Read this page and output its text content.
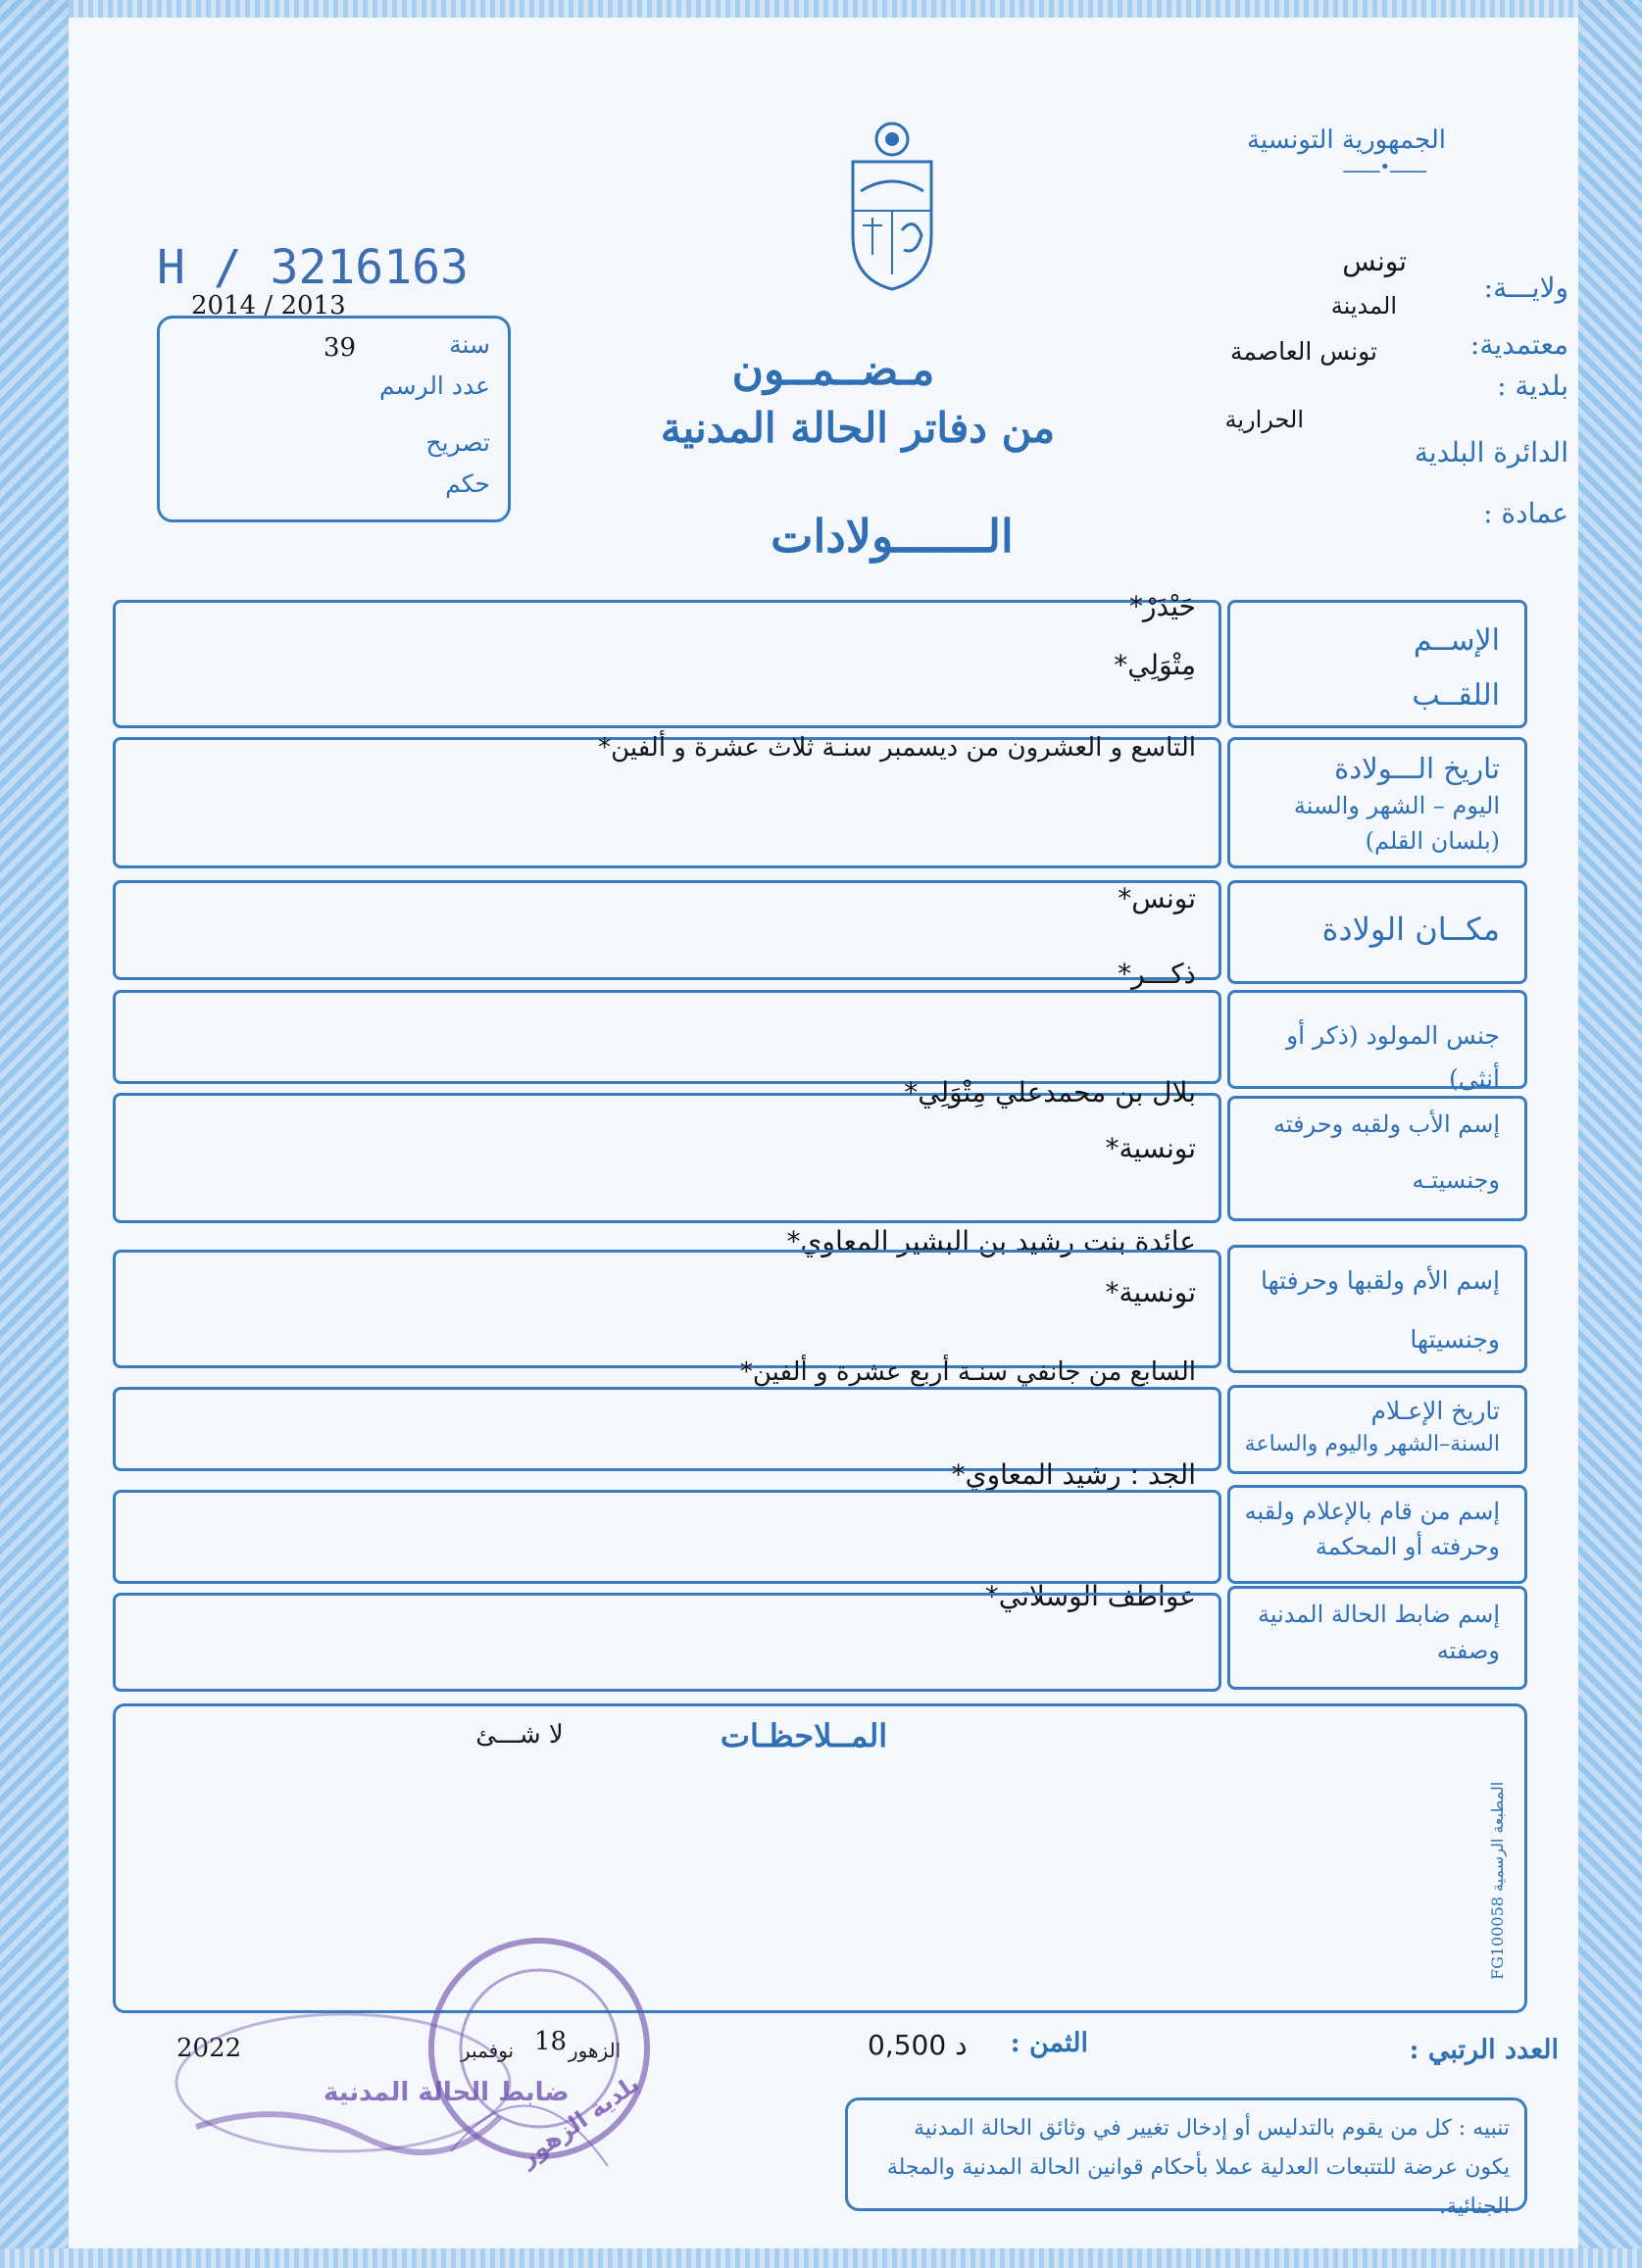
الجمهورية التونسية
ـــــــ•ـــــــ
H / 3216163
2014 / 2013
سنة
39
عدد الرسم
تصريح
حكم
ولايـــة:
تونس
المدينة
معتمدية:
تونس العاصمة
بلدية :
الحرارية
الدائرة البلدية
عمادة :
مـضــمــون
من دفاتر الحالة المدنية
الـــــــولادات
الإســم
اللقــب
حَيْدَرْ*
مِتْوَلِي*
تاريخ الـــولادة
اليوم – الشهر والسنة
(بلسان القلم)
التاسع و العشرون من ديسمبر سنـة ثلاث عشرة و ألفين*
مكــان الولادة
تونس*
ذكـــر*
جنس المولود (ذكر أو أنثى)
إسم الأب ولقبه وحرفته
وجنسيتـه
بلال بن محمدعلي مِتْوَلِي*
تونسية*
إسم الأم ولقبها وحرفتها
وجنسيتها
عائدة بنت رشيد بن البشير المعاوي*
تونسية*
تاريخ الإعـلام
السنة–الشهر واليوم والساعة
السابع من جانفي سنـة أربع عشرة و ألفين*
إسم من قام بالإعلام ولقبه
وحرفته أو المحكمة
الجد : رشيد المعاوي*
إسم ضابط الحالة المدنية
وصفته
عواطف الوسلاتي*
المــلاحظـات
لا شـــئ
العدد الرتبي :
الثمن :
0,500 د
2022	نوفمبر 18 الزهور
تنبيه : كل من يقوم بالتدليس أو إدخال تغيير في وثائق الحالة المدنية يكون عرضة للتتبعات العدلية عملا بأحكام قوانين الحالة المدنية والمجلة الجنائية.
المطبعة الرسمية FG100058
بلدية الزهور
ضابط الحالة المدنية
